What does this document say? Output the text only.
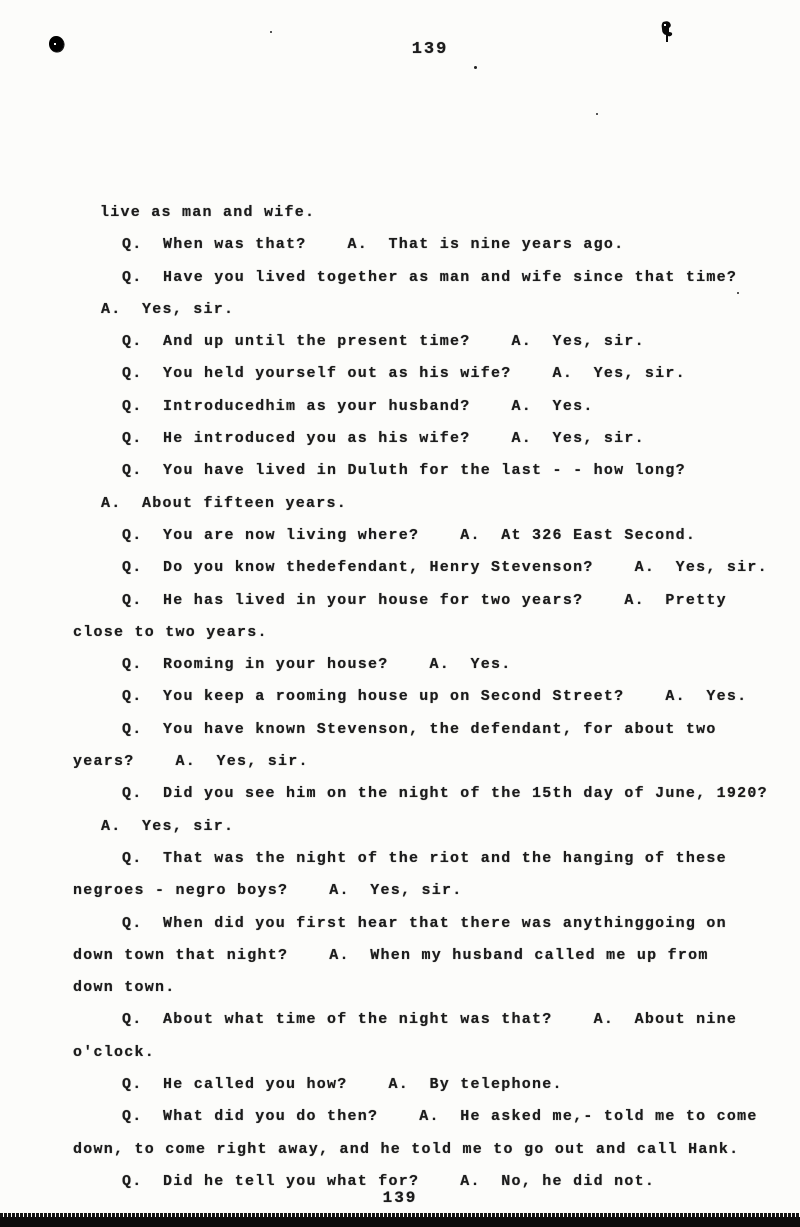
139
live as man and wife.
Q.  When was that?    A.  That is nine years ago.
Q.  Have you lived together as man and wife since that time?
A.  Yes, sir.
Q.  And up until the present time?    A.  Yes, sir.
Q.  You held yourself out as his wife?    A.  Yes, sir.
Q.  Introducedhim as your husband?    A.  Yes.
Q.  He introduced you as his wife?    A.  Yes, sir.
Q.  You have lived in Duluth for the last - - how long?
A.  About fifteen years.
Q.  You are now living where?    A.  At 326 East Second.
Q.  Do you know thedefendant, Henry Stevenson?    A.  Yes, sir.
Q.  He has lived in your house for two years?    A.  Pretty
close to two years.
Q.  Rooming in your house?    A.  Yes.
Q.  You keep a rooming house up on Second Street?    A.  Yes.
Q.  You have known Stevenson, the defendant, for about two
years?    A.  Yes, sir.
Q.  Did you see him on the night of the 15th day of June, 1920?
A.  Yes, sir.
Q.  That was the night of the riot and the hanging of these
negroes - negro boys?    A.  Yes, sir.
Q.  When did you first hear that there was anythinggoing on
down town that night?    A.  When my husband called me up from
down town.
Q.  About what time of the night was that?    A.  About nine
o'clock.
Q.  He called you how?    A.  By telephone.
Q.  What did you do then?    A.  He asked me,- told me to come
down, to come right away, and he told me to go out and call Hank.
Q.  Did he tell you what for?    A.  No, he did not.
139
